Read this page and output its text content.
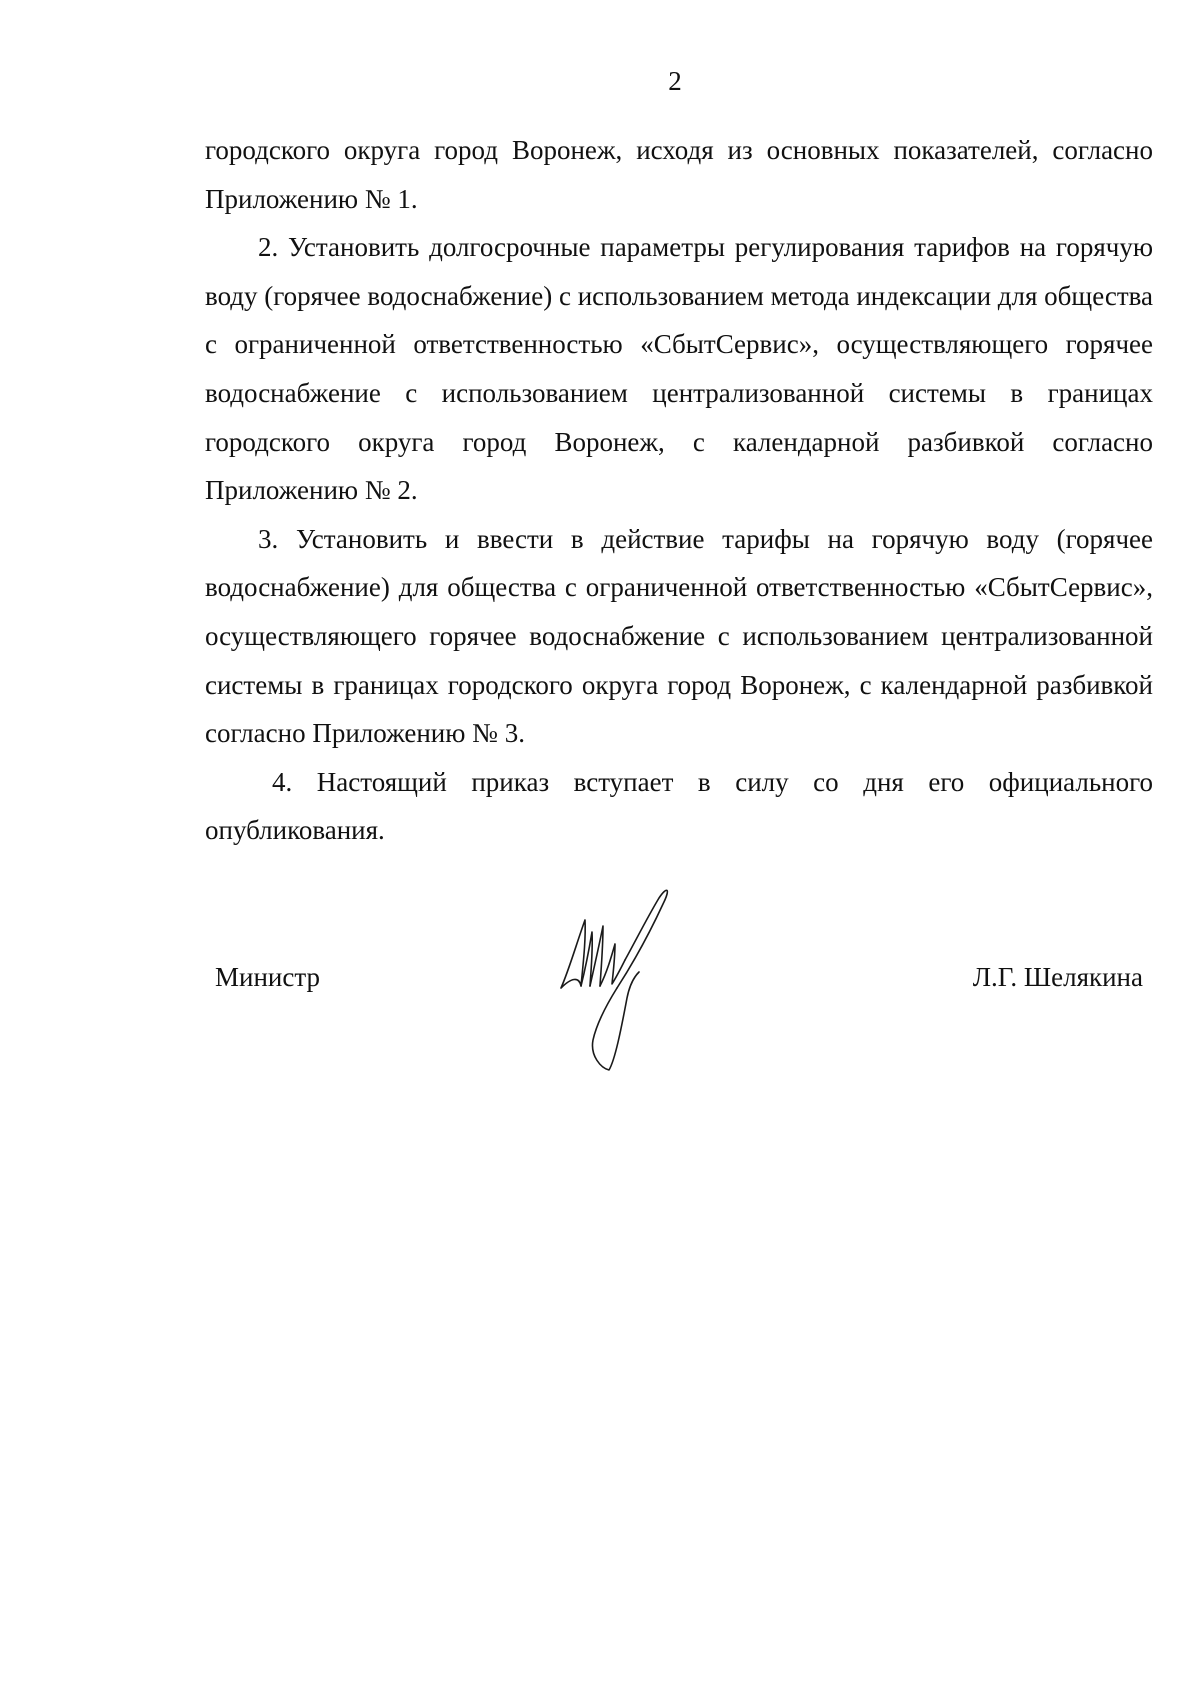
2

городского округа город Воронеж, исходя из основных показателей, согласно Приложению № 1.

2. Установить долгосрочные параметры регулирования тарифов на горячую воду (горячее водоснабжение) с использованием метода индексации для общества с ограниченной ответственностью «СбытСервис», осуществляющего горячее водоснабжение с использованием централизованной системы в границах городского округа город Воронеж, с календарной разбивкой согласно Приложению № 2.

3. Установить и ввести в действие тарифы на горячую воду (горячее водоснабжение) для общества с ограниченной ответственностью «СбытСервис», осуществляющего горячее водоснабжение с использованием централизованной системы в границах городского округа город Воронеж, с календарной разбивкой согласно Приложению № 3.

4. Настоящий приказ вступает в силу со дня его официального опубликования.

Министр	Л.Г. Шелякина
